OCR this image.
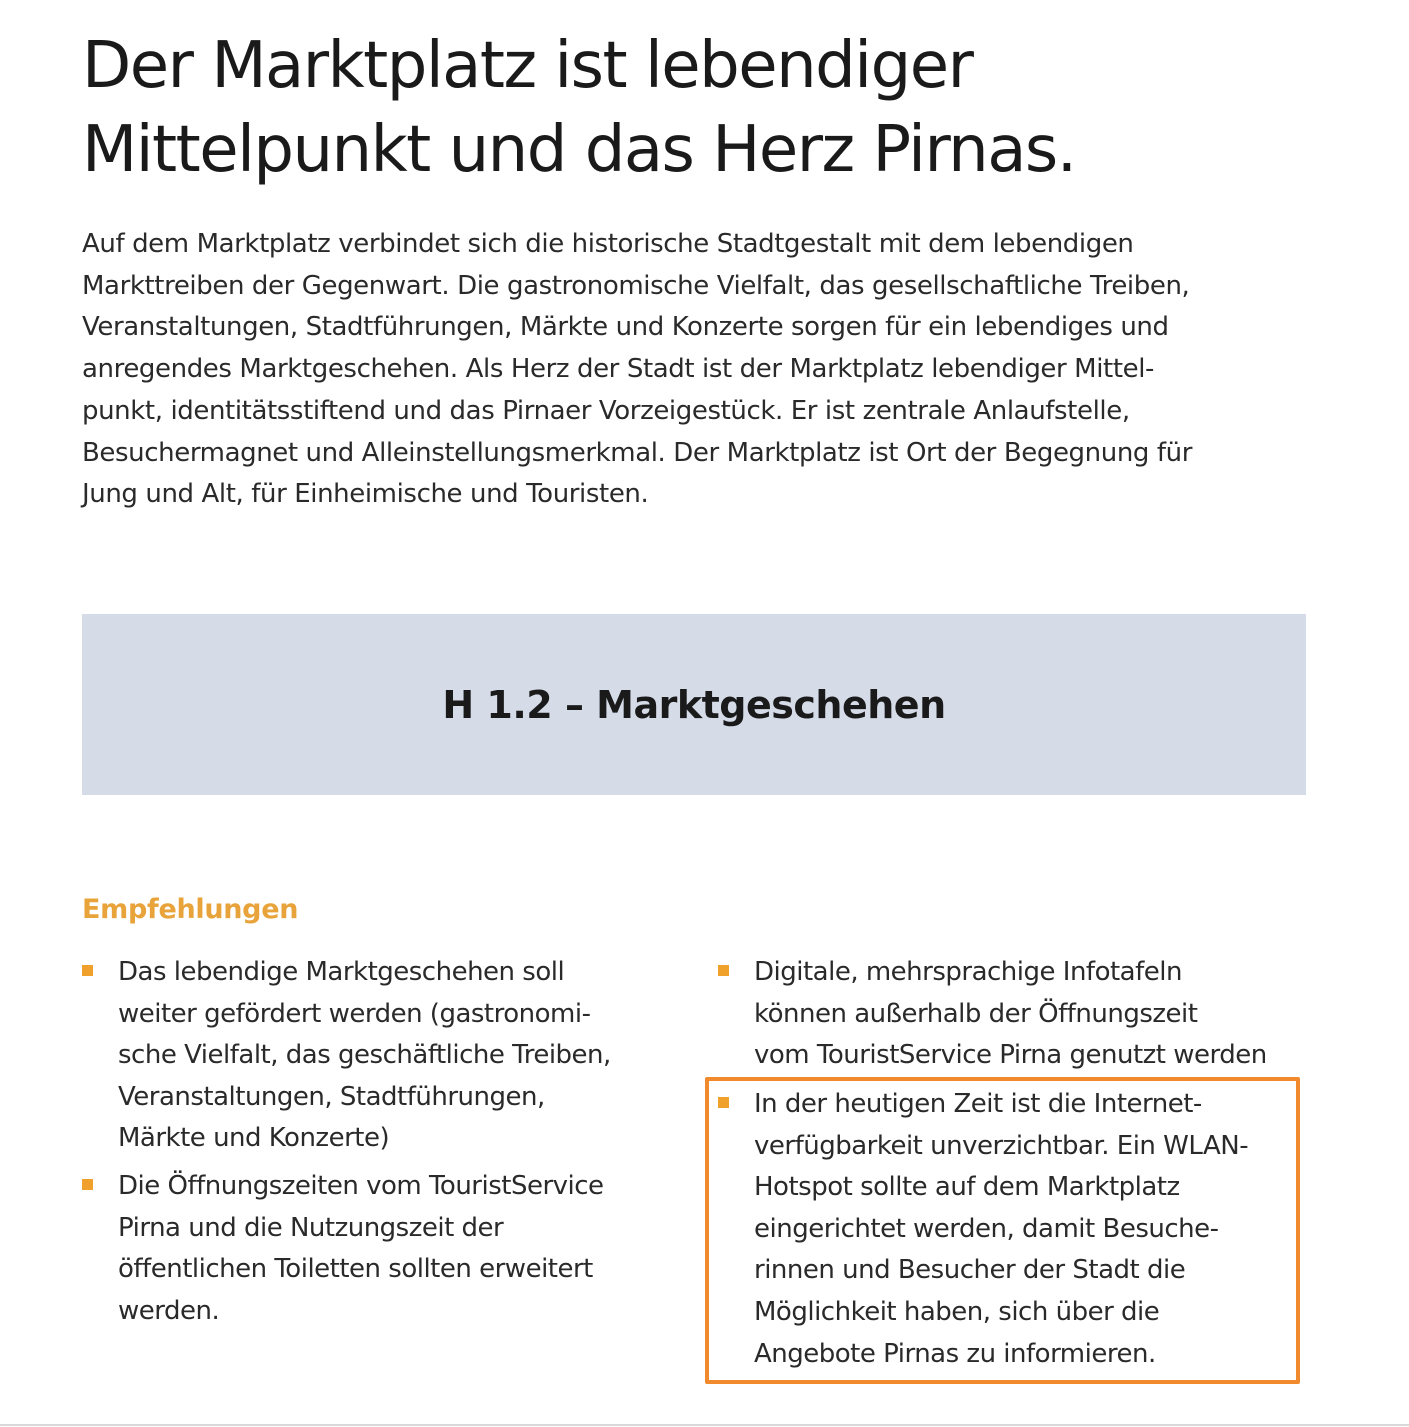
Der Marktplatz ist lebendiger
Mittelpunkt und das Herz Pirnas.

Auf dem Marktplatz verbindet sich die historische Stadtgestalt mit dem lebendigen
Markttreiben der Gegenwart. Die gastronomische Vielfalt, das gesellschaftliche Treiben,
Veranstaltungen, Stadtführungen, Märkte und Konzerte sorgen für ein lebendiges und
anregendes Marktgeschehen. Als Herz der Stadt ist der Marktplatz lebendiger Mittel-
punkt, identitätsstiftend und das Pirnaer Vorzeigestück. Er ist zentrale Anlaufstelle,
Besuchermagnet und Alleinstellungsmerkmal. Der Marktplatz ist Ort der Begegnung für
Jung und Alt, für Einheimische und Touristen.

H 1.2 – Marktgeschehen
Empfehlungen
Das lebendige Marktgeschehen soll
weiter gefördert werden (gastronomi-
sche Vielfalt, das geschäftliche Treiben,
Veranstaltungen, Stadtführungen,
Märkte und Konzerte)
Die Öffnungszeiten vom TouristService
Pirna und die Nutzungszeit der
öffentlichen Toiletten sollten erweitert
werden.
Digitale, mehrsprachige Infotafeln
können außerhalb der Öffnungszeit
vom TouristService Pirna genutzt werden
In der heutigen Zeit ist die Internet-
verfügbarkeit unverzichtbar. Ein WLAN-
Hotspot sollte auf dem Marktplatz
eingerichtet werden, damit Besuche-
rinnen und Besucher der Stadt die
Möglichkeit haben, sich über die
Angebote Pirnas zu informieren.
